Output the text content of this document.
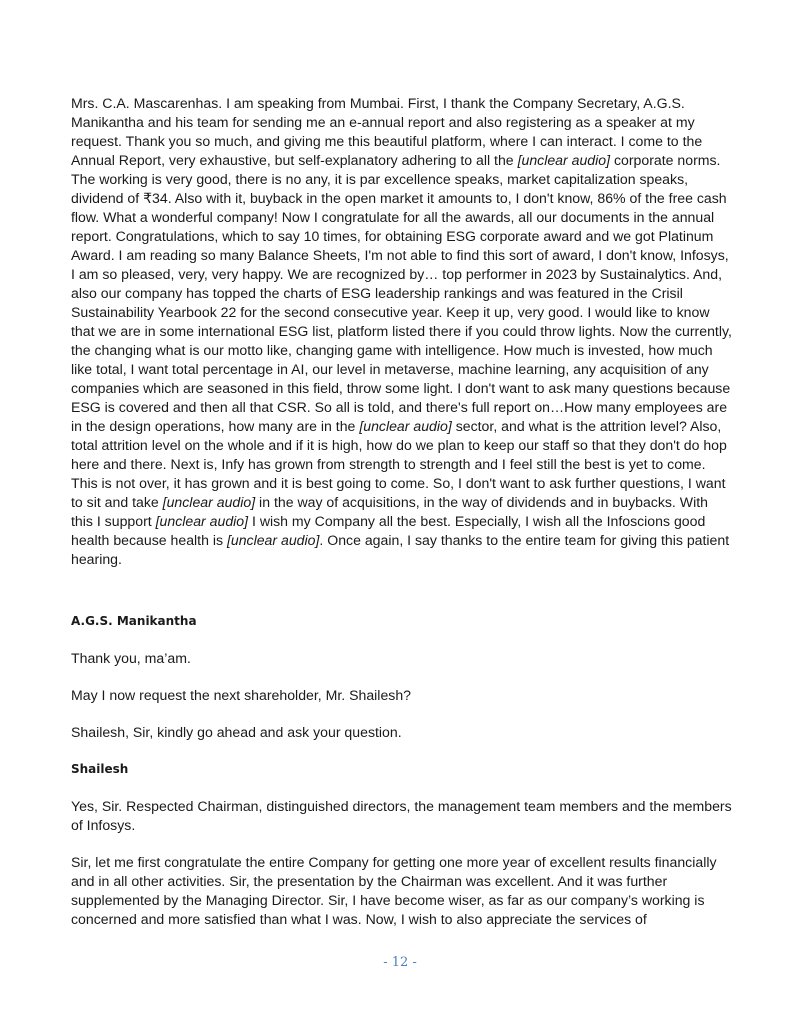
Mrs. C.A. Mascarenhas. I am speaking from Mumbai. First, I thank the Company Secretary, A.G.S. Manikantha and his team for sending me an e-annual report and also registering as a speaker at my request. Thank you so much, and giving me this beautiful platform, where I can interact. I come to the Annual Report, very exhaustive, but self-explanatory adhering to all the [unclear audio] corporate norms. The working is very good, there is no any, it is par excellence speaks, market capitalization speaks, dividend of ₹34. Also with it, buyback in the open market it amounts to, I don't know, 86% of the free cash flow. What a wonderful company! Now I congratulate for all the awards, all our documents in the annual report. Congratulations, which to say 10 times, for obtaining ESG corporate award and we got Platinum Award. I am reading so many Balance Sheets, I'm not able to find this sort of award, I don't know, Infosys, I am so pleased, very, very happy. We are recognized by… top performer in 2023 by Sustainalytics. And, also our company has topped the charts of ESG leadership rankings and was featured in the Crisil Sustainability Yearbook 22 for the second consecutive year. Keep it up, very good. I would like to know that we are in some international ESG list, platform listed there if you could throw lights. Now the currently, the changing what is our motto like, changing game with intelligence. How much is invested, how much like total, I want total percentage in AI, our level in metaverse, machine learning, any acquisition of any companies which are seasoned in this field, throw some light. I don't want to ask many questions because ESG is covered and then all that CSR. So all is told, and there's full report on…How many employees are in the design operations, how many are in the [unclear audio] sector, and what is the attrition level? Also, total attrition level on the whole and if it is high, how do we plan to keep our staff so that they don't do hop here and there. Next is, Infy has grown from strength to strength and I feel still the best is yet to come. This is not over, it has grown and it is best going to come. So, I don't want to ask further questions, I want to sit and take [unclear audio] in the way of acquisitions, in the way of dividends and in buybacks. With this I support [unclear audio] I wish my Company all the best. Especially, I wish all the Infoscions good health because health is [unclear audio]. Once again, I say thanks to the entire team for giving this patient hearing.

A.G.S. Manikantha

Thank you, ma’am.

May I now request the next shareholder, Mr. Shailesh?

Shailesh, Sir, kindly go ahead and ask your question.

Shailesh

Yes, Sir. Respected Chairman, distinguished directors, the management team members and the members of Infosys.

Sir, let me first congratulate the entire Company for getting one more year of excellent results financially and in all other activities. Sir, the presentation by the Chairman was excellent. And it was further supplemented by the Managing Director. Sir, I have become wiser, as far as our company’s working is concerned and more satisfied than what I was. Now, I wish to also appreciate the services of

- 12 -
